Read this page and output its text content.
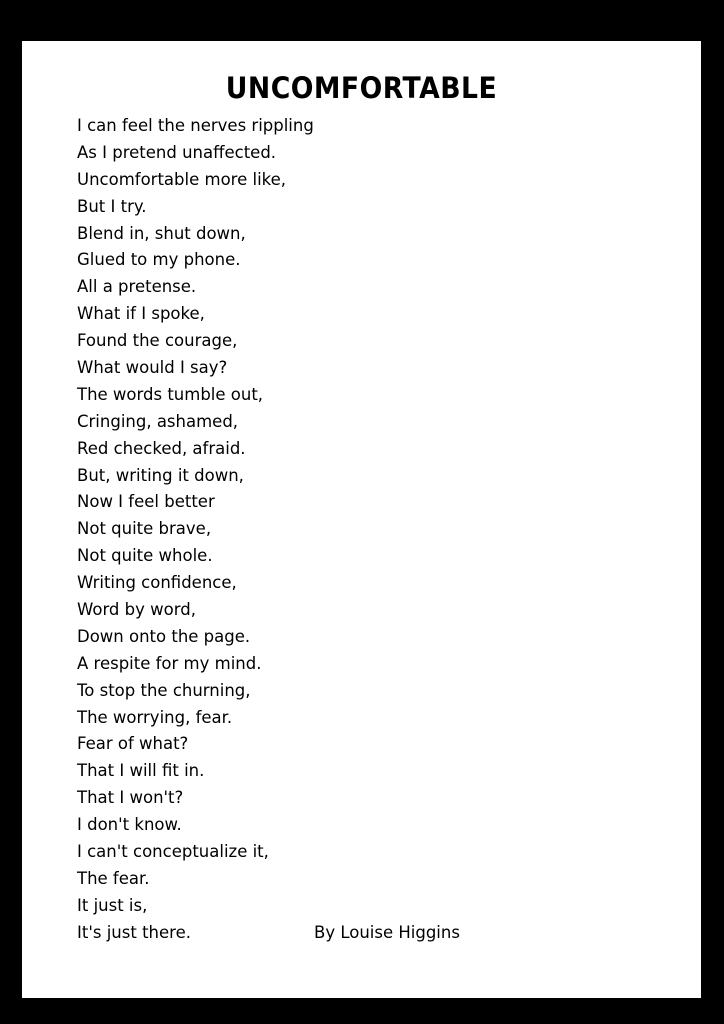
UNCOMFORTABLE
I can feel the nerves rippling
As I pretend unaffected.
Uncomfortable more like,
But I try.
Blend in, shut down,
Glued to my phone.
All a pretense.
What if I spoke,
Found the courage,
What would I say?
The words tumble out,
Cringing, ashamed,
Red checked, afraid.
But, writing it down,
Now I feel better
Not quite brave,
Not quite whole.
Writing confidence,
Word by word,
Down onto the page.
A respite for my mind.
To stop the churning,
The worrying, fear.
Fear of what?
That I will fit in.
That I won't?
I don't know.
I can't conceptualize it,
The fear.
It just is,
It's just there.	By Louise Higgins
